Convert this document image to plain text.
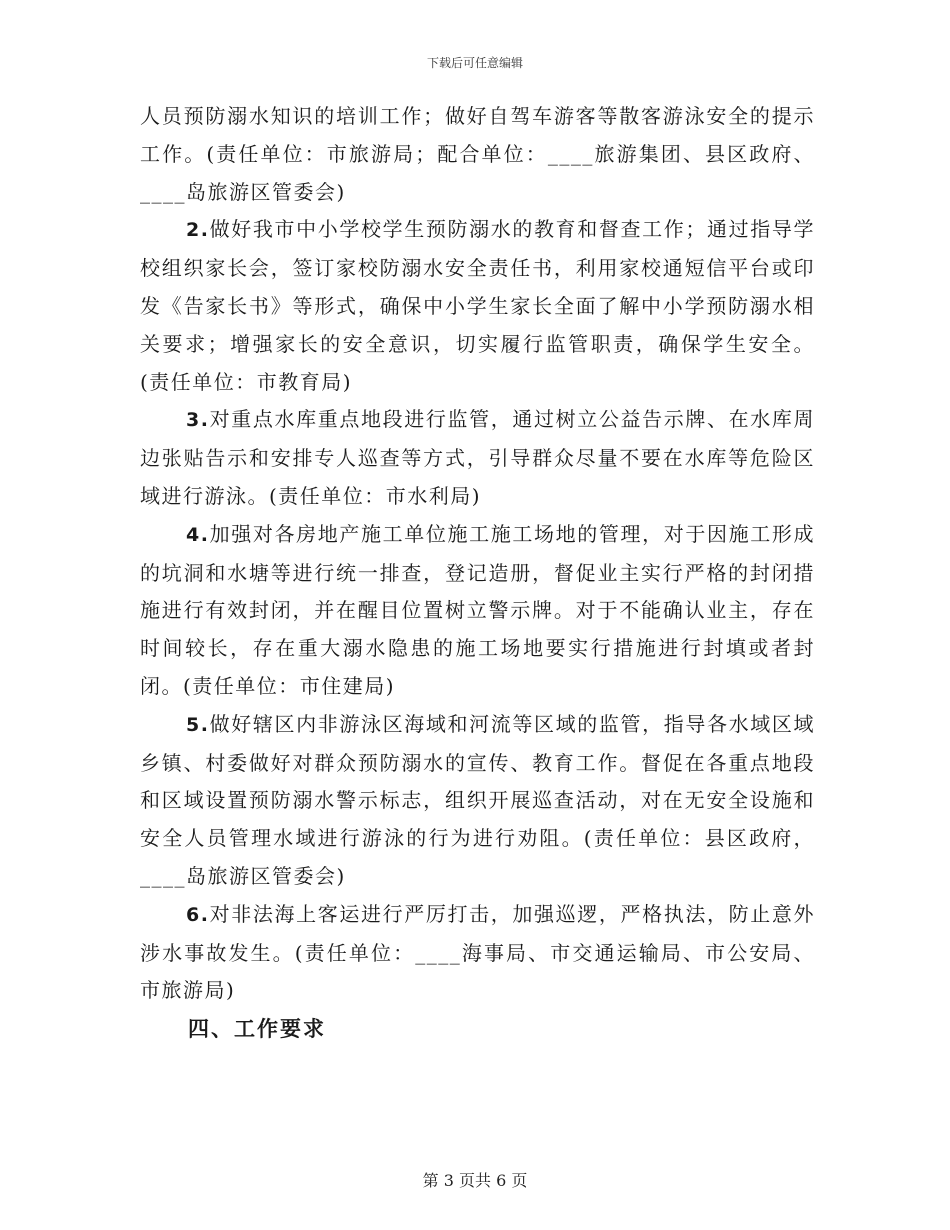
下载后可任意编辑

人员预防溺水知识的培训工作；做好自驾车游客等散客游泳安全的提示工作。(责任单位：市旅游局；配合单位：____旅游集团、县区政府、____岛旅游区管委会)

2.做好我市中小学校学生预防溺水的教育和督查工作；通过指导学校组织家长会，签订家校防溺水安全责任书，利用家校通短信平台或印发《告家长书》等形式，确保中小学生家长全面了解中小学预防溺水相关要求；增强家长的安全意识，切实履行监管职责，确保学生安全。(责任单位：市教育局)

3.对重点水库重点地段进行监管，通过树立公益告示牌、在水库周边张贴告示和安排专人巡查等方式，引导群众尽量不要在水库等危险区域进行游泳。(责任单位：市水利局)

4.加强对各房地产施工单位施工施工场地的管理，对于因施工形成的坑洞和水塘等进行统一排查，登记造册，督促业主实行严格的封闭措施进行有效封闭，并在醒目位置树立警示牌。对于不能确认业主，存在时间较长，存在重大溺水隐患的施工场地要实行措施进行封填或者封闭。(责任单位：市住建局)

5.做好辖区内非游泳区海域和河流等区域的监管，指导各水域区域乡镇、村委做好对群众预防溺水的宣传、教育工作。督促在各重点地段和区域设置预防溺水警示标志，组织开展巡查活动，对在无安全设施和安全人员管理水域进行游泳的行为进行劝阻。(责任单位：县区政府，____岛旅游区管委会)

6.对非法海上客运进行严厉打击，加强巡逻，严格执法，防止意外涉水事故发生。(责任单位：____海事局、市交通运输局、市公安局、市旅游局)

四、工作要求

第 3 页共 6 页
